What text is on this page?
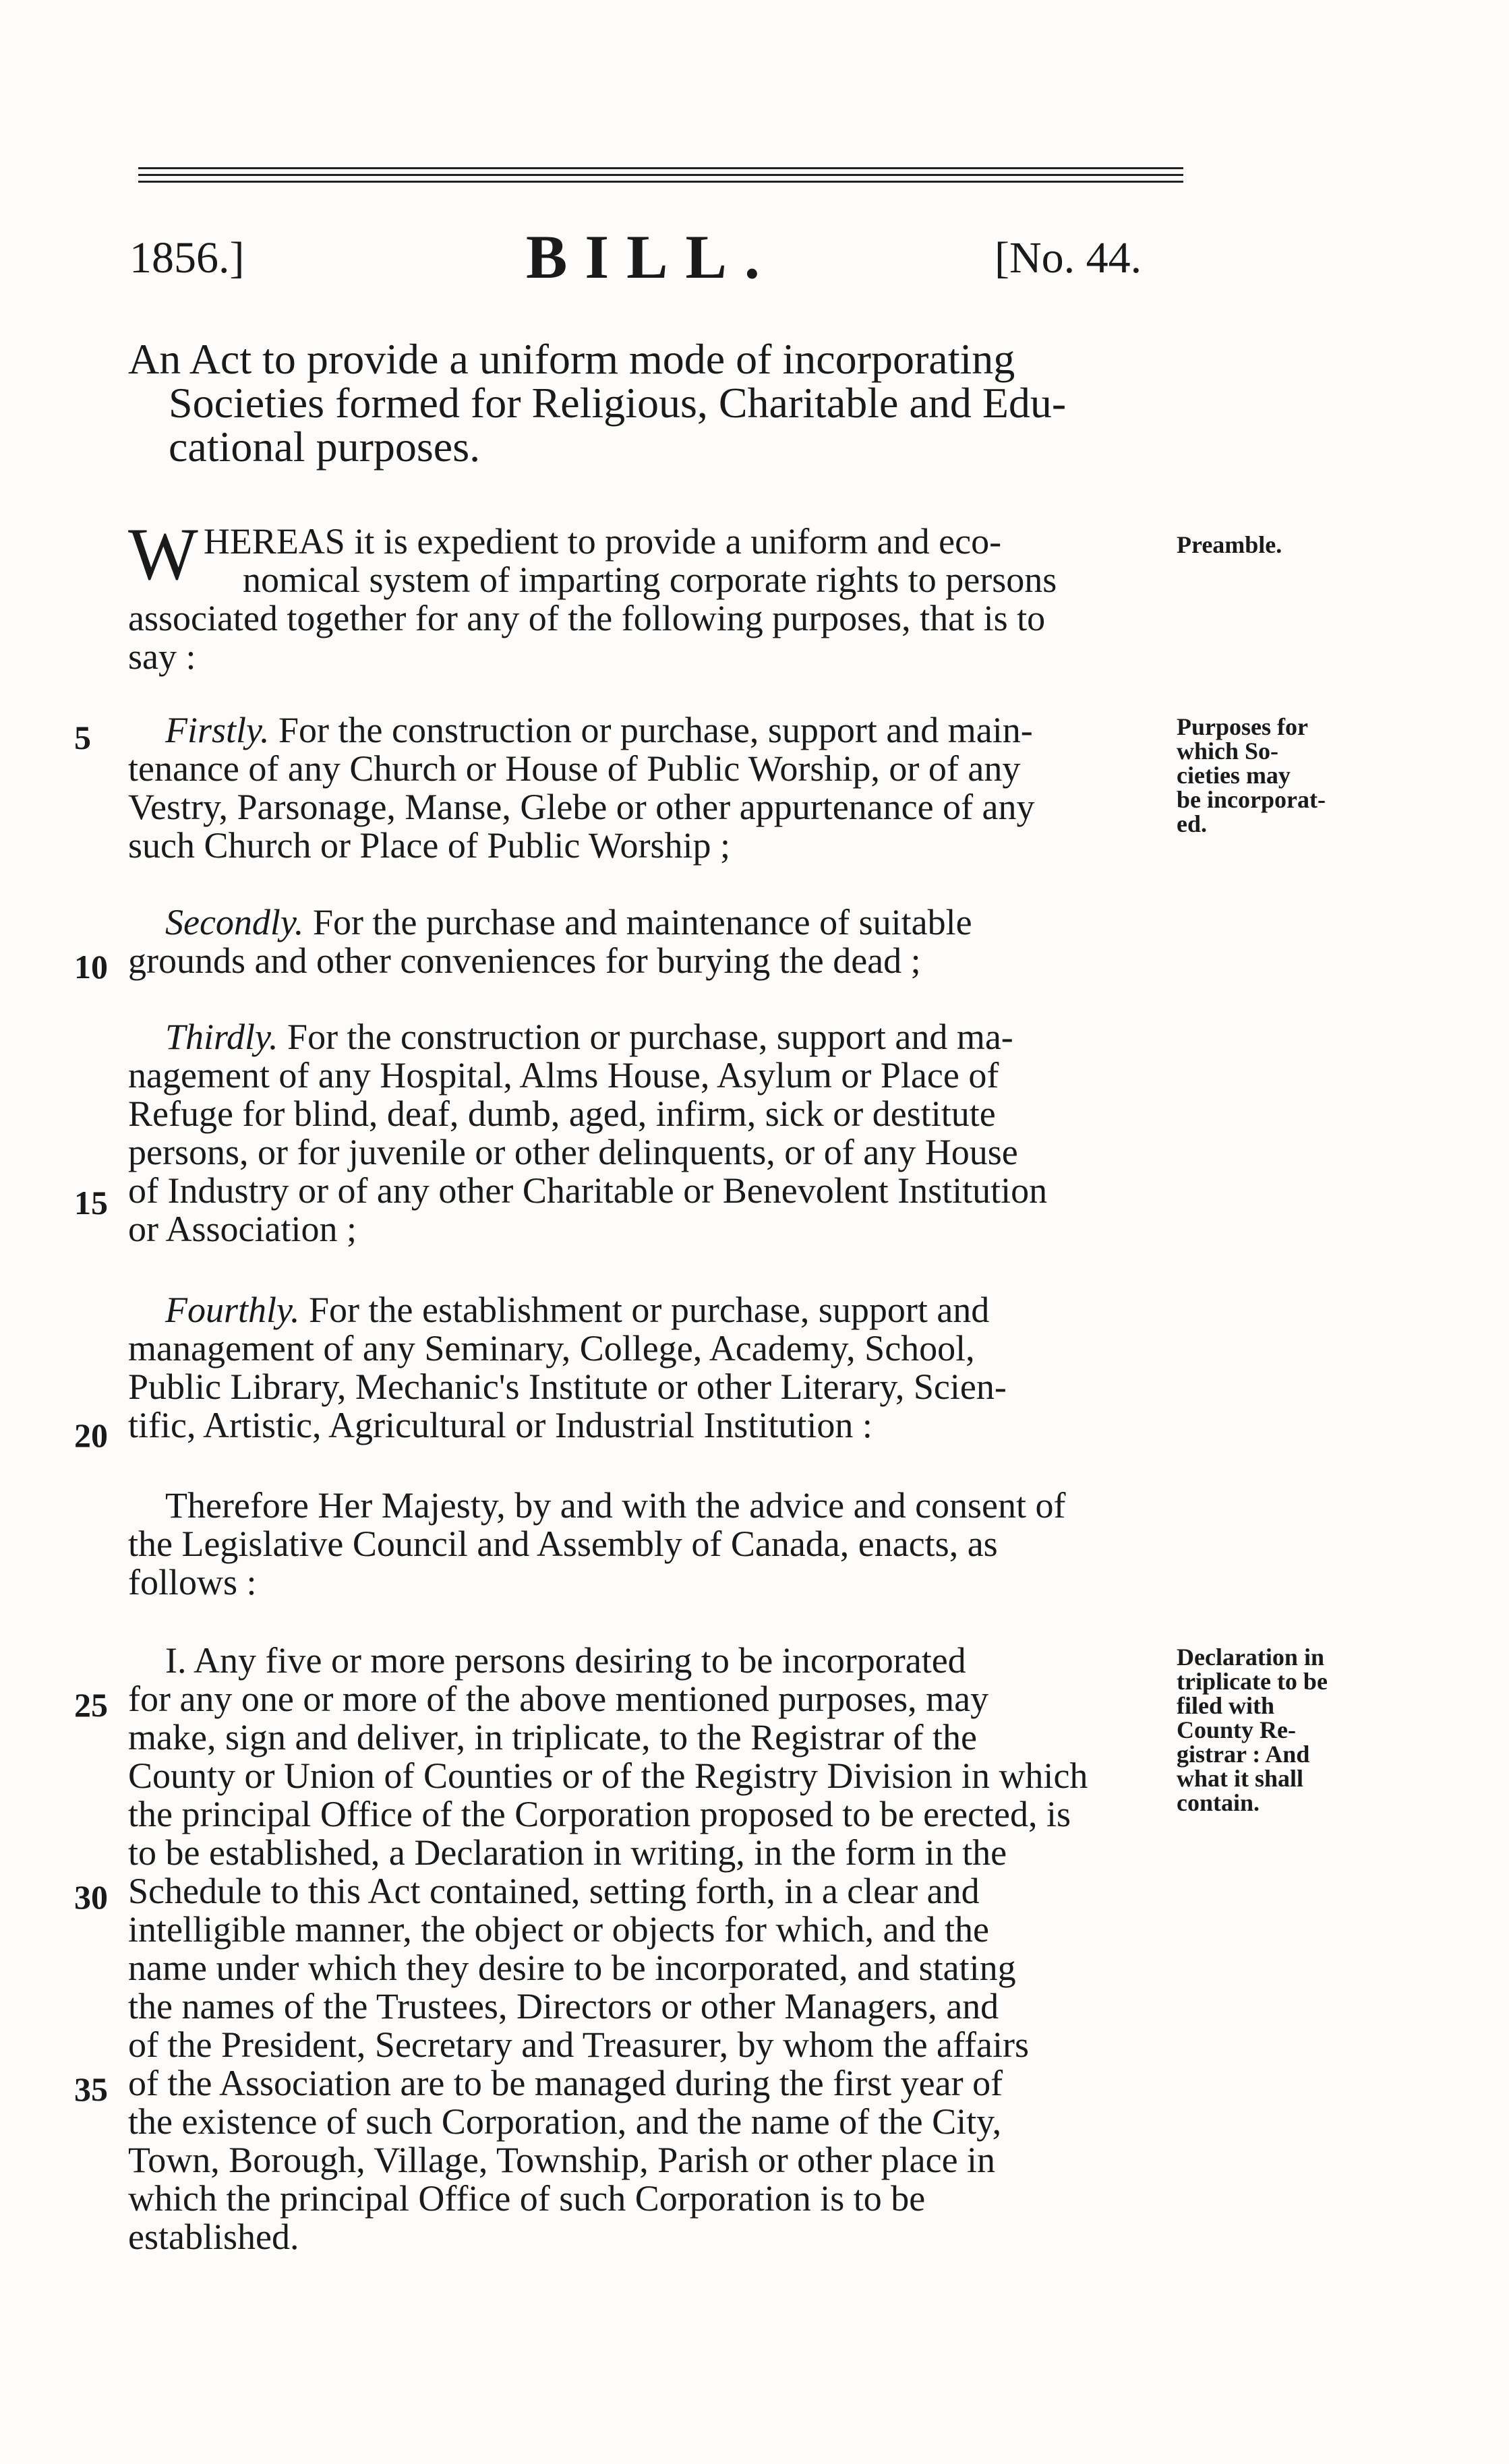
1856.]	BILL.	[No. 44.
An Act to provide a uniform mode of incorporating
Societies formed for Religious, Charitable and Edu-
cational purposes.
W HEREAS it is expedient to provide a uniform and eco-
nomical system of imparting corporate rights to persons
associated together for any of the following purposes, that is to
say :
Preamble.
5	Firstly. For the construction or purchase, support and main-
tenance of any Church or House of Public Worship, or of any
Vestry, Parsonage, Manse, Glebe or other appurtenance of any
such Church or Place of Public Worship ;
Purposes for
which So-
cieties may
be incorporat-
ed.
10
Secondly. For the purchase and maintenance of suitable
grounds and other conveniences for burying the dead ;
15
Thirdly. For the construction or purchase, support and ma-
nagement of any Hospital, Alms House, Asylum or Place of
Refuge for blind, deaf, dumb, aged, infirm, sick or destitute
persons, or for juvenile or other delinquents, or of any House
of Industry or of any other Charitable or Benevolent Institution
or Association ;
20
Fourthly. For the establishment or purchase, support and
management of any Seminary, College, Academy, School,
Public Library, Mechanic's Institute or other Literary, Scien-
tific, Artistic, Agricultural or Industrial Institution :
Therefore Her Majesty, by and with the advice and consent of
the Legislative Council and Assembly of Canada, enacts, as
follows :
25
30
35
I. Any five or more persons desiring to be incorporated
for any one or more of the above mentioned purposes, may
make, sign and deliver, in triplicate, to the Registrar of the
County or Union of Counties or of the Registry Division in which
the principal Office of the Corporation proposed to be erected, is
to be established, a Declaration in writing, in the form in the
Schedule to this Act contained, setting forth, in a clear and
intelligible manner, the object or objects for which, and the
name under which they desire to be incorporated, and stating
the names of the Trustees, Directors or other Managers, and
of the President, Secretary and Treasurer, by whom the affairs
of the Association are to be managed during the first year of
the existence of such Corporation, and the name of the City,
Town, Borough, Village, Township, Parish or other place in
which the principal Office of such Corporation is to be
established.
Declaration in
triplicate to be
filed with
County Re-
gistrar : And
what it shall
contain.
